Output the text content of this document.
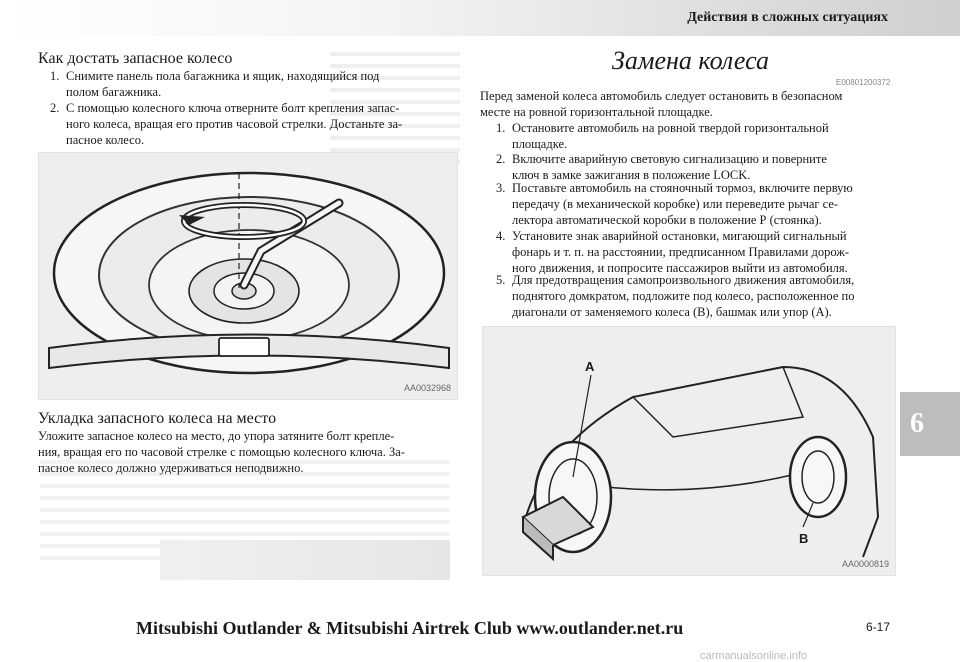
Действия в сложных ситуациях
Как достать запасное колесо
1. Снимите панель пола багажника и ящик, находящийся под
полом багажника.
2. С помощью колесного ключа отверните болт крепления запас-
ного колеса, вращая его против часовой стрелки. Достаньте за-
пасное колесо.
AA0032968
Укладка запасного колеса на место
Уложите запасное колесо на место, до упора затяните болт крепле-
ния, вращая его по часовой стрелке с помощью колесного ключа. За-
пасное колесо должно удерживаться неподвижно.
Замена колеса
E00801200372
Перед заменой колеса автомобиль следует остановить в безопасном
месте на ровной горизонтальной площадке.
1. Остановите автомобиль на ровной твердой горизонтальной
площадке.
2. Включите аварийную световую сигнализацию и поверните
ключ в замке зажигания в положение LOCK.
3. Поставьте автомобиль на стояночный тормоз, включите первую
передачу (в механической коробке) или переведите рычаг се-
лектора автоматической коробки в положение Р (стоянка).
4. Установите знак аварийной остановки, мигающий сигнальный
фонарь и т. п. на расстоянии, предписанном Правилами дорож-
ного движения, и попросите пассажиров выйти из автомобиля.
5. Для предотвращения самопроизвольного движения автомобиля,
поднятого домкратом, подложите под колесо, расположенное по
диагонали от заменяемого колеса (B), башмак или упор (A).
A
B
AA0000819
6
Mitsubishi Outlander & Mitsubishi Airtrek Club www.outlander.net.ru	6-17
carmanualsonline.info
